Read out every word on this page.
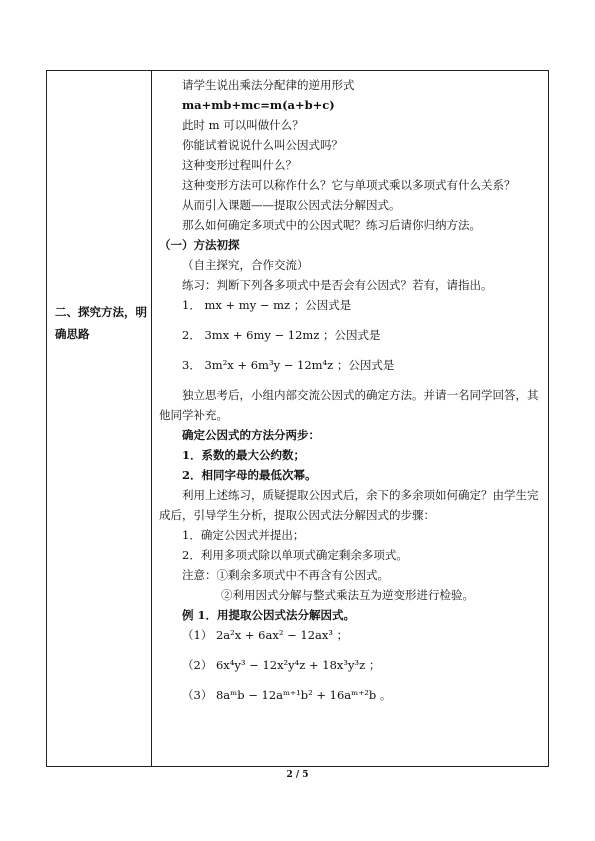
二、探究方法，明确思路

请学生说出乘法分配律的逆用形式

ma+mb+mc=m(a+b+c)

此时 m 可以叫做什么？

你能试着说说什么叫公因式吗？

这种变形过程叫什么？

这种变形方法可以称作什么？它与单项式乘以多项式有什么关系？

从而引入课题——提取公因式法分解因式。

那么如何确定多项式中的公因式呢？练习后请你归纳方法。

（一）方法初探

（自主探究，合作交流）

练习：判断下列各多项式中是否会有公因式？若有，请指出。

1． mx + my − mz ；公因式是

2． 3mx + 6my − 12mz ；公因式是

3． 3m²x + 6m³y − 12m⁴z ；公因式是

独立思考后，小组内部交流公因式的确定方法。并请一名同学回答，其他同学补充。

确定公因式的方法分两步：

1．系数的最大公约数；

2．相同字母的最低次幂。

利用上述练习，质疑提取公因式后，余下的多余项如何确定？由学生完成后，引导学生分析，提取公因式法分解因式的步骤：

1．确定公因式并提出；

2．利用多项式除以单项式确定剩余多项式。

注意：①剩余多项式中不再含有公因式。

②利用因式分解与整式乘法互为逆变形进行检验。

例 1．用提取公因式法分解因式。

（1） 2a²x + 6ax² − 12ax³ ；

（2） 6x⁴y³ − 12x²y⁴z + 18x³y³z ；

（3） 8aᵐb − 12aᵐ⁺¹b² + 16aᵐ⁺²b 。

2 / 5
